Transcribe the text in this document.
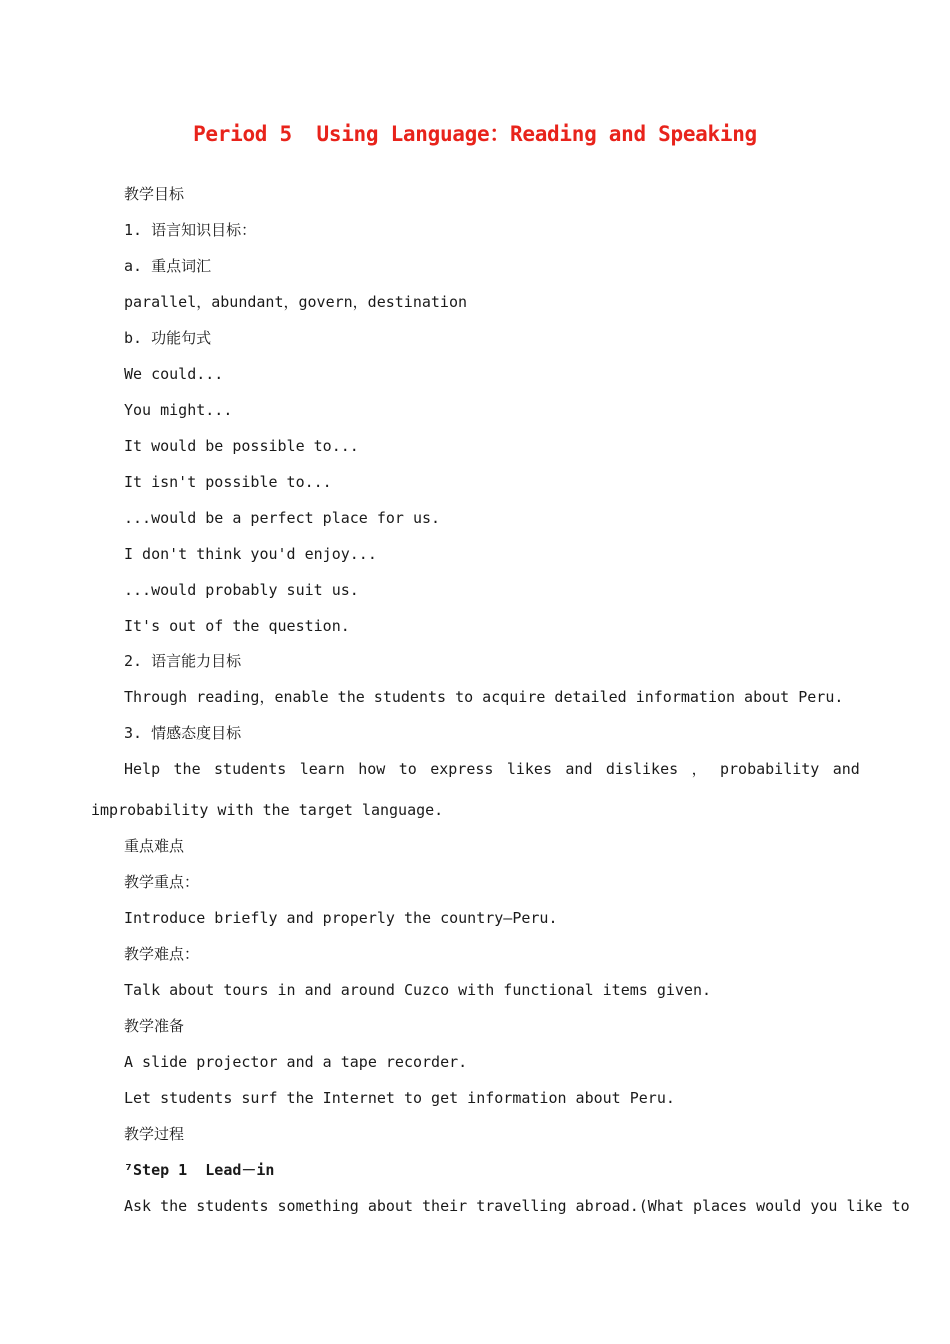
Period 5  Using Language：Reading and Speaking
教学目标
1. 语言知识目标：
a. 重点词汇
parallel，abundant，govern，destination
b. 功能句式
We could...
You might...
It would be possible to...
It isn't possible to...
...would be a perfect place for us.
I don't think you'd enjoy...
...would probably suit us.
It's out of the question.
2. 语言能力目标
Through reading，enable the students to acquire detailed information about Peru.
3. 情感态度目标
Help the students learn how to express likes and dislikes ， probability and
improbability with the target language.
重点难点
教学重点：
Introduce briefly and properly the country—Peru.
教学难点：
Talk about tours in and around Cuzco with functional items given.
教学准备
A slide projector and a tape recorder.
Let students surf the Internet to get information about Peru.
教学过程
⁷Step 1  Lead－in
Ask the students something about their travelling abroad.(What places would you like to
